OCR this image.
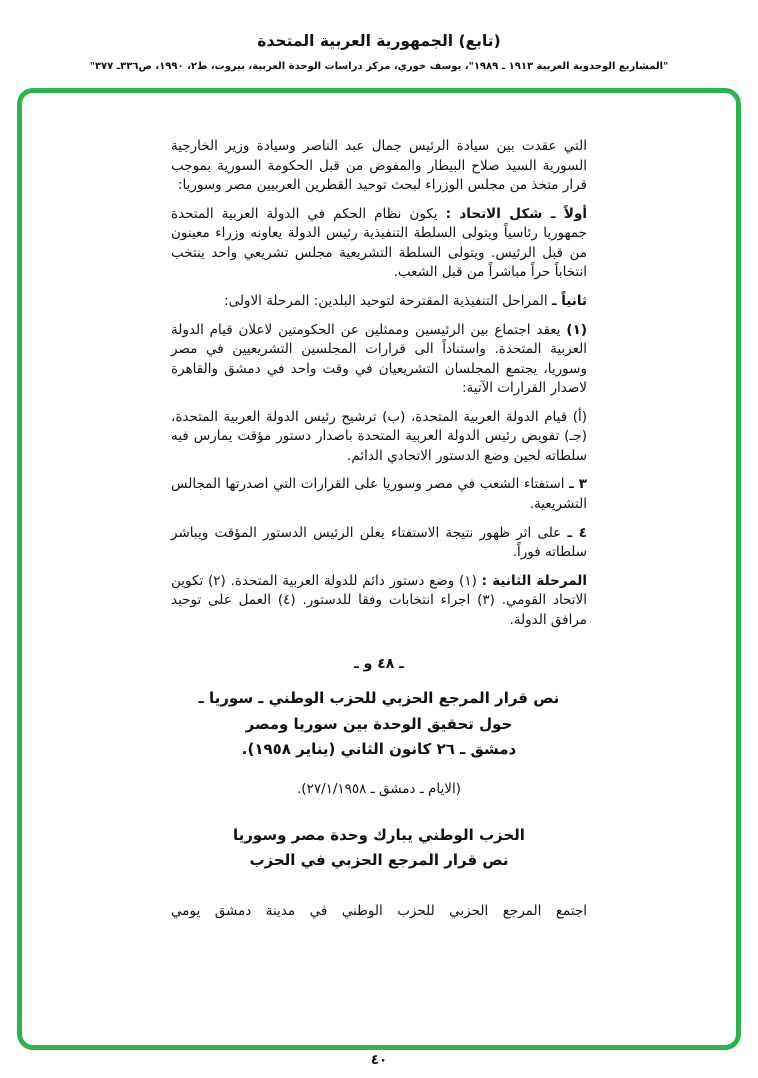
(تابع) الجمهورية العربية المتحدة
"المشاريع الوحدوية العربية ١٩١٣ ـ ١٩٨٩"، يوسف خوري، مركز دراسات الوحدة العربية، بيروت، ط٢، ١٩٩٠، ص٣٣٦ـ ٣٧٧"

التي عقدت بين سيادة الرئيس جمال عبد الناصر وسيادة وزير الخارجية السورية السيد صلاح البيطار والمفوض من قبل الحكومة السورية بموجب قرار متخذ من مجلس الوزراء لبحث توحيد القطرين العربيين مصر وسوريا:

أولاً ـ شكل الاتحاد : يكون نظام الحكم في الدولة العربية المتحدة جمهوريا رئاسياً ويتولى السلطة التنفيذية رئيس الدولة يعاونه وزراء معينون من قبل الرئيس. ويتولى السلطة التشريعية مجلس تشريعي واحد ينتخب انتخاباً حراً مباشراً من قبل الشعب.

ثانياً ـ المراحل التنفيذية المقترحة لتوحيد البلدين: المرحلة الاولى:

(١) يعقد اجتماع بين الرئيسين وممثلين عن الحكومتين لاعلان قيام الدولة العربية المتحدة. واستناداً الى قرارات المجلسين التشريعيين في مصر وسوريا، يجتمع المجلسان التشريعيان في وقت واحد في دمشق والقاهرة لاصدار القرارات الآتية:

(أ) قيام الدولة العربية المتحدة، (ب) ترشيح رئيس الدولة العربية المتحدة، (جـ) تفويض رئيس الدولة العربية المتحدة باصدار دستور مؤقت يمارس فيه سلطاته لحين وضع الدستور الاتحادي الدائم.

٣ ـ استفتاء الشعب في مصر وسوريا على القرارات التي اصدرتها المجالس التشريعية.

٤ ـ على اثر ظهور نتيجة الاستفتاء يعلن الرئيس الدستور المؤقت ويباشر سلطاته فوراً.

المرحلة الثانية : (١) وضع دستور دائم للدولة العربية المتحدة. (٢) تكوين الاتحاد القومي. (٣) اجراء انتخابات وفقا للدستور. (٤) العمل على توحيد مرافق الدولة.

ـ ٤٨ و ـ
نص قرار المرجع الحزبي للحزب الوطني ـ سوريا ـ
حول تحقيق الوحدة بين سوريا ومصر
دمشق ـ ٢٦ كانون الثاني (يناير ١٩٥٨).
(الايام ـ دمشق ـ ٢٧/١/١٩٥٨).
الحزب الوطني يبارك وحدة مصر وسوريا
نص قرار المرجع الحزبي في الحزب

اجتمع المرجع الحزبي للحزب الوطني في مدينة دمشق يومي

٤٠
